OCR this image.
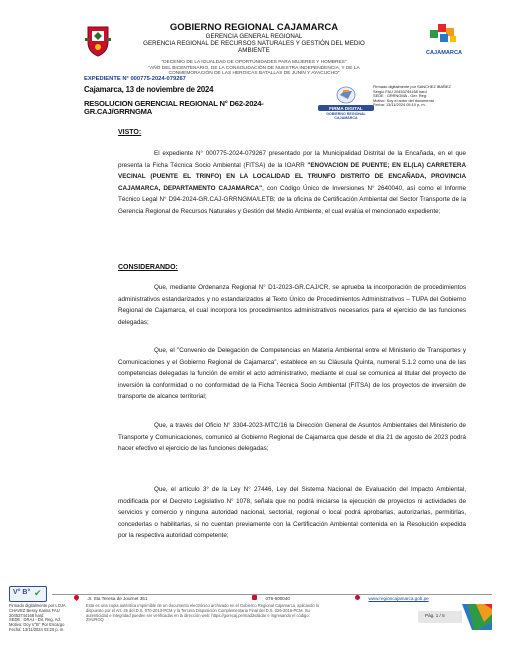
GOBIERNO REGIONAL CAJAMARCA
GERENCIA GENERAL REGIONAL
GERENCIA REGIONAL DE RECURSOS NATURALES Y GESTIÓN DEL MEDIO
AMBIENTE	CAJAMARCA
"DECENIO DE LA IGUALDAD DE OPORTUNIDADES PARA MUJERES Y HOMBRES"
"AÑO DEL BICENTENARIO, DE LA CONSOLIDACIÓN DE NUESTRA INDEPENDENCIA, Y DE LA
CONMEMORACIÓN DE LAS HEROICAS BATALLAS DE JUNÍN Y AYACUCHO"
EXPEDIENTE N° 000775-2024-079267
Cajamarca, 13 de noviembre de 2024
RESOLUCION GERENCIAL REGIONAL N° D62-2024-
GR.CAJ/GRRNGMA	FIRMA DIGITAL
GOBIERNO REGIONAL CAJAMARCA
Firmado digitalmente por SANCHEZ IBAÑEZ
Sergio FAU 20453744168 hard
SEDE : GRRNGMA - Ger. Reg.
Motivo: Soy el autor del documento
Fecha: 13/11/2024 05:10 p. m.
VISTO:
El expediente N° 000775-2024-079267 presentado por la Municipalidad Distrital de la Encañada, en el que presenta la Ficha Técnica Socio Ambiental (FITSA) de la IOARR "ENOVACION DE PUENTE; EN EL(LA) CARRETERA VECINAL (PUENTE EL TRINFO) EN LA LOCALIDAD EL TRIUNFO DISTRITO DE ENCAÑADA, PROVINCIA CAJAMARCA, DEPARTAMENTO CAJAMARCA", con Código Único de Inversiones N° 2640040, así como el Informe Técnico Legal N° D94-2024-GR.CAJ-GRRNGMA/LETB; de la oficina de Certificación Ambiental del Sector Transporte de la Gerencia Regional de Recursos Naturales y Gestión del Medio Ambiente, el cual evalúa el mencionado expediente;
CONSIDERANDO:
Que, mediante Ordenanza Regional N° D1-2023-GR.CAJ/CR, se aprueba la incorporación de procedimientos administrativos estandarizados y no estandarizados al Texto Único de Procedimientos Administrativos – TUPA del Gobierno Regional de Cajamarca, el cual incorpora los procedimientos administrativos necesarios para el ejercicio de las funciones delegadas;
Que, el "Convenio de Delegación de Competencias en Materia Ambiental entre el Ministerio de Transportes y Comunicaciones y el Gobierno Regional de Cajamarca", establece en su Cláusula Quinta, numeral 5.1.2 como una de las competencias delegadas la función de emitir el acto administrativo, mediante el cual se comunica al titular del proyecto de inversión la conformidad o no conformidad de la Ficha Técnica Socio Ambiental (FITSA) de los proyectos de inversión de transporte de alcance territorial;
Que, a través del Oficio N° 3304-2023-MTC/16 la Dirección General de Asuntos Ambientales del Ministerio de Transporte y Comunicaciones, comunicó al Gobierno Regional de Cajamarca que desde el día 21 de agosto de 2023 podrá hacer efectivo el ejercicio de las funciones delegadas;
Que, el artículo 3° de la Ley N° 27446, Ley del Sistema Nacional de Evaluación del Impacto Ambiental, modificada por el Decreto Legislativo N° 1078, señala que no podrá iniciarse la ejecución de proyectos ni actividades de servicios y comercio y ninguna autoridad nacional, sectorial, regional o local podrá aprobarlas, autorizarlas, permitirlas, concederlas o habilitarlas, si no cuentan previamente con la Certificación Ambiental contenida en la Resolución expedida por la respectiva autoridad competente;
V° B° ✔
Jr. Sta Teresa de Journet 351	076-600040	www.regioncajamarca.gob.pe
Firmado digitalmente por LOJA
CHAVEZ Bessy Karina FAU
20453744168 hard
SEDE : DRAJ - Dir. Reg. Ad.
Motivo: Doy V°B° Por Encargo
Fecha: 13/11/2024 03:20 p. m.
Esta es una copia auténtica imprimible de un documento electrónico archivado en el Gobierno Regional Cajamarca, aplicando lo
dispuesto por el Art. 25 del D.S. 070-2013-PCM y la Tercera Disposición Complementaria Final del D.S. 026-2016-PCM. Su
autenticidad e integridad pueden ser verificadas en la dirección web: https://gorecaj.pe/mad3validar e ingresando el código:
ZHUROQ
Pág. 1 / 5
